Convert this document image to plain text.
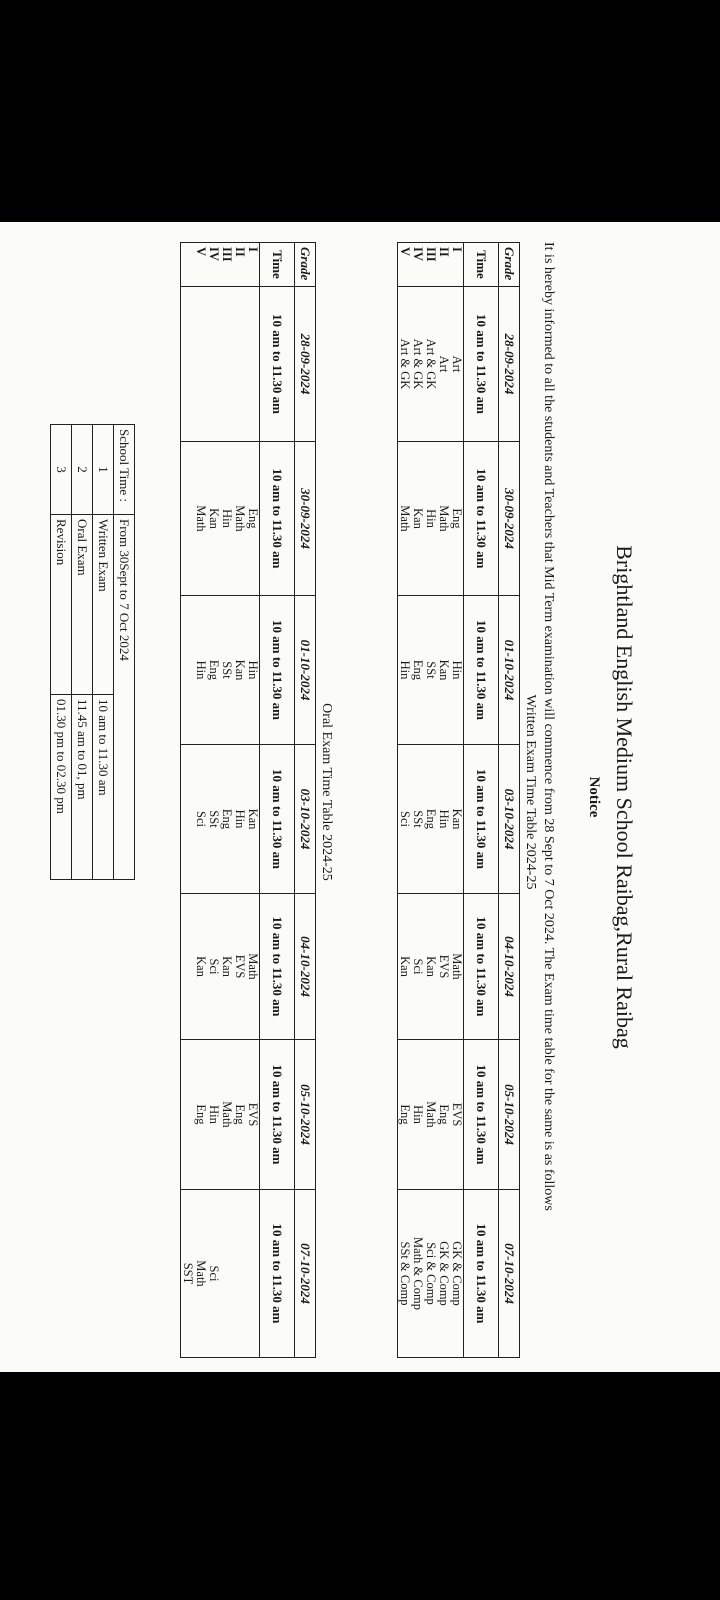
Brightland English Medium School Raibag,Rural Raibag
Notice
It is hereby informed to all the students and Teachers that Mid Term examination will commence from 28 Sept to 7 Oct 2024. The Exam time table for the same is as follows
Written Exam Time Table 2024-25
Grade	28-09-2024	30-09-2024	01-10-2024	03-10-2024	04-10-2024	05-10-2024	07-10-2024
Time	10 am to 11.30 am	10 am to 11.30 am	10 am to 11.30 am	10 am to 11.30 am	10 am to 11.30 am	10 am to 11.30 am	10 am to 11.30 am
I	Art	Eng	Hin	Kan	Math	EVS	GK & Comp
II	Art	Math	Kan	Hin	EVS	Eng	GK & Comp
III	Art & GK	Hin	SSt	Eng	Kan	Math	Sci & Comp
IV	Art & GK	Kan	Eng	SSt	Sci	Hin	Math & Comp
V	Art & GK	Math	Hin	Sci	Kan	Eng	SSt & Comp
Oral Exam Time Table 2024-25
Grade	28-09-2024	30-09-2024	01-10-2024	03-10-2024	04-10-2024	05-10-2024	07-10-2024
Time	10 am to 11.30 am	10 am to 11.30 am	10 am to 11.30 am	10 am to 11.30 am	10 am to 11.30 am	10 am to 11.30 am	10 am to 11.30 am
I		Eng	Hin	Kan	Math	EVS	
II		Math	Kan	Hin	EVS	Eng	
III		Hin	SSt	Eng	Kan	Math	
IV		Kan	Eng	SSt	Sci	Hin	Sci
V		Math	Hin	Sci	Kan	Eng	Math
							SST
School Time :	From 30Sept to 7 Oct 2024	
1	Written Exam	10 am to 11.30 am
2	Oral Exam	11.45 am to 01, pm
3	Revision	01.30 pm to 02.30 pm
